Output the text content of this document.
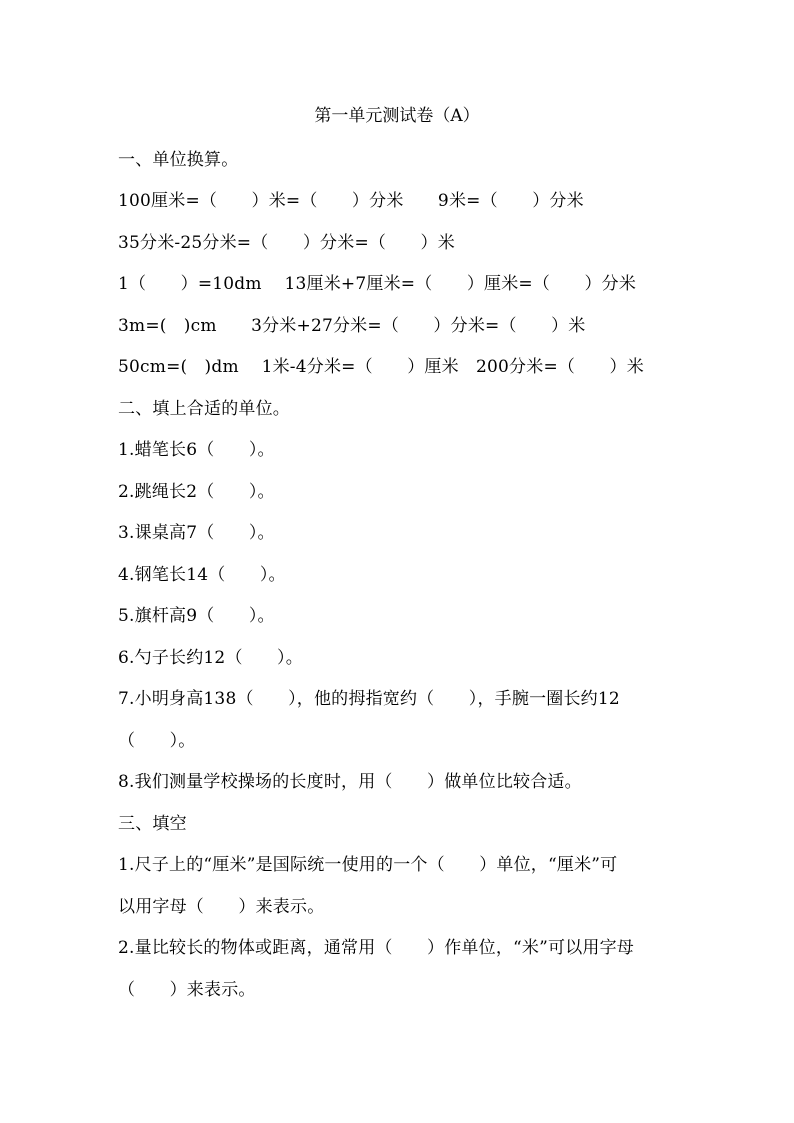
第一单元测试卷（A）
一、单位换算。
100厘米=（　　）米=（　　）分米　　9米=（　　）分米
35分米-25分米=（　　）分米=（　　）米
1（　　）=10dm　 13厘米+7厘米=（　　）厘米=（　　）分米
3m=(　)cm　　3分米+27分米=（　　）分米=（　　）米
50cm=(　)dm　 1米-4分米=（　　）厘米　200分米=（　　）米
二、填上合适的单位。
1.蜡笔长6（　　）。
2.跳绳长2（　　）。
3.课桌高7（　　）。
4.钢笔长14（　　）。
5.旗杆高9（　　）。
6.勺子长约12（　　）。
7.小明身高138（　　），他的拇指宽约（　　），手腕一圈长约12
（　　）。
8.我们测量学校操场的长度时，用（　　）做单位比较合适。
三、填空
1.尺子上的“厘米”是国际统一使用的一个（　　）单位，“厘米”可
以用字母（　　）来表示。
2.量比较长的物体或距离，通常用（　　）作单位，“米”可以用字母
（　　）来表示。
